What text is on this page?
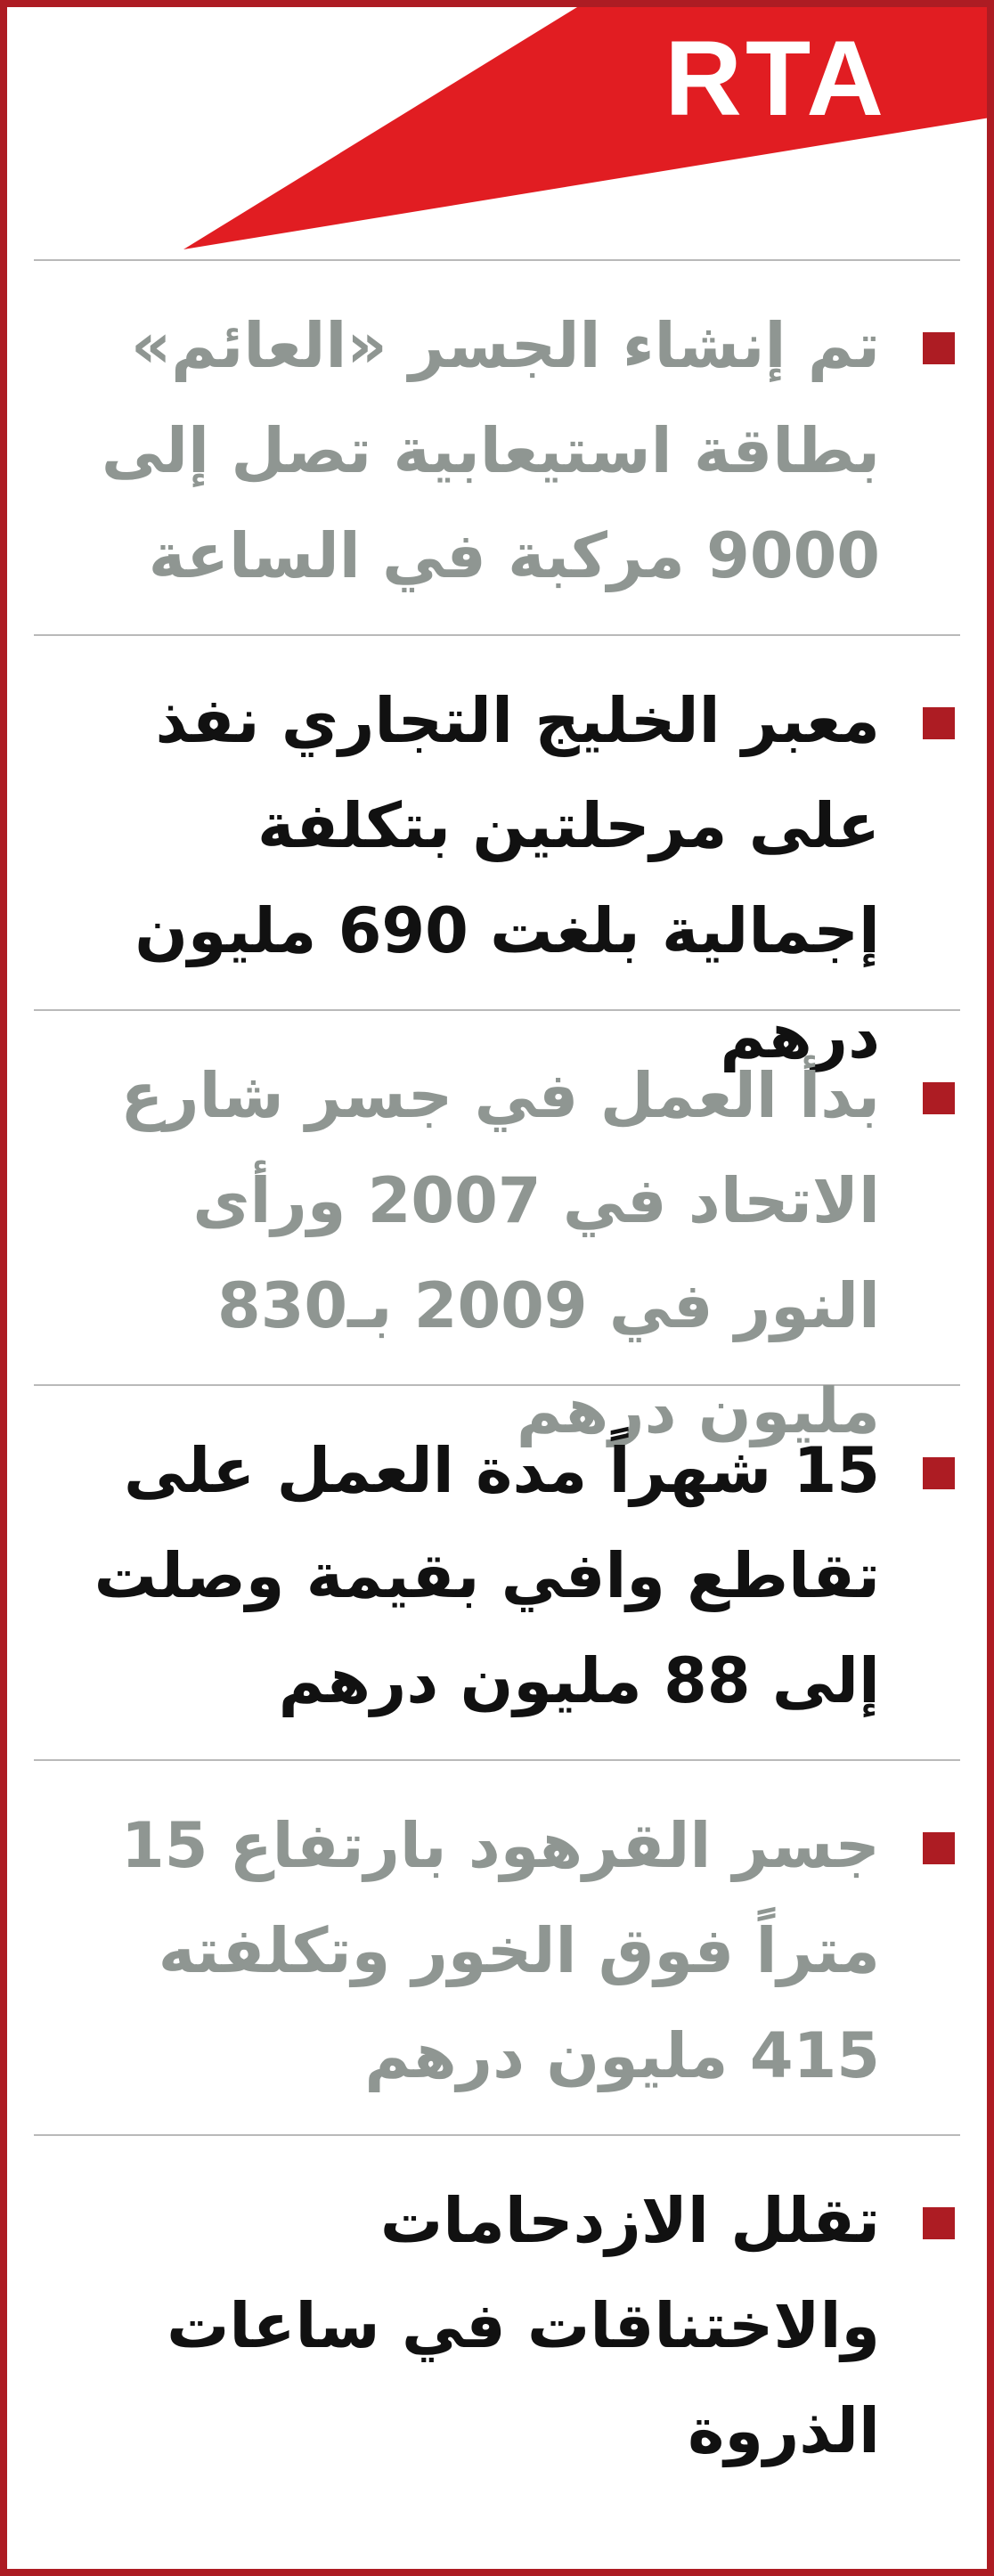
RTA

تم إنشاء الجسر «العائم» بطاقة استيعابية تصل إلى 9000 مركبة في الساعة

معبر الخليج التجاري نفذ على مرحلتين بتكلفة إجمالية بلغت 690 مليون درهم

بدأ العمل في جسر شارع الاتحاد في 2007 ورأى النور في 2009 بـ830 مليون درهم

15 شهراً مدة العمل على تقاطع وافي بقيمة وصلت إلى 88 مليون درهم

جسر القرهود بارتفاع 15 متراً فوق الخور وتكلفته 415 مليون درهم

تقلل الازدحامات والاختناقات في ساعات الذروة
